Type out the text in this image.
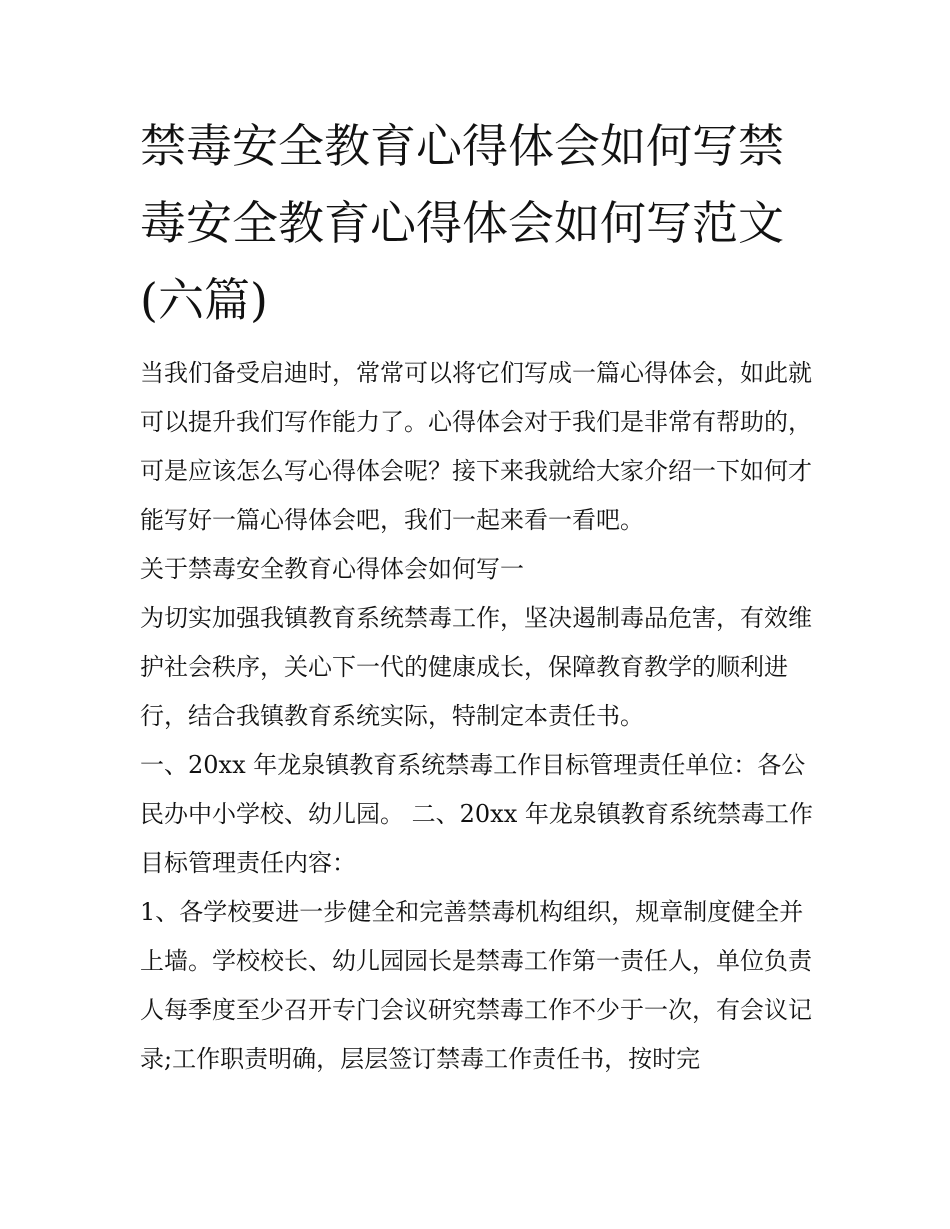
禁毒安全教育心得体会如何写禁毒安全教育心得体会如何写范文(六篇)

当我们备受启迪时，常常可以将它们写成一篇心得体会，如此就可以提升我们写作能力了。心得体会对于我们是非常有帮助的，可是应该怎么写心得体会呢？接下来我就给大家介绍一下如何才能写好一篇心得体会吧，我们一起来看一看吧。

关于禁毒安全教育心得体会如何写一

为切实加强我镇教育系统禁毒工作，坚决遏制毒品危害，有效维护社会秩序，关心下一代的健康成长，保障教育教学的顺利进行，结合我镇教育系统实际，特制定本责任书。

一、20xx 年龙泉镇教育系统禁毒工作目标管理责任单位：各公民办中小学校、幼儿园。 二、20xx 年龙泉镇教育系统禁毒工作目标管理责任内容：

1、各学校要进一步健全和完善禁毒机构组织，规章制度健全并上墙。学校校长、幼儿园园长是禁毒工作第一责任人，单位负责人每季度至少召开专门会议研究禁毒工作不少于一次，有会议记录;工作职责明确，层层签订禁毒工作责任书，按时完
